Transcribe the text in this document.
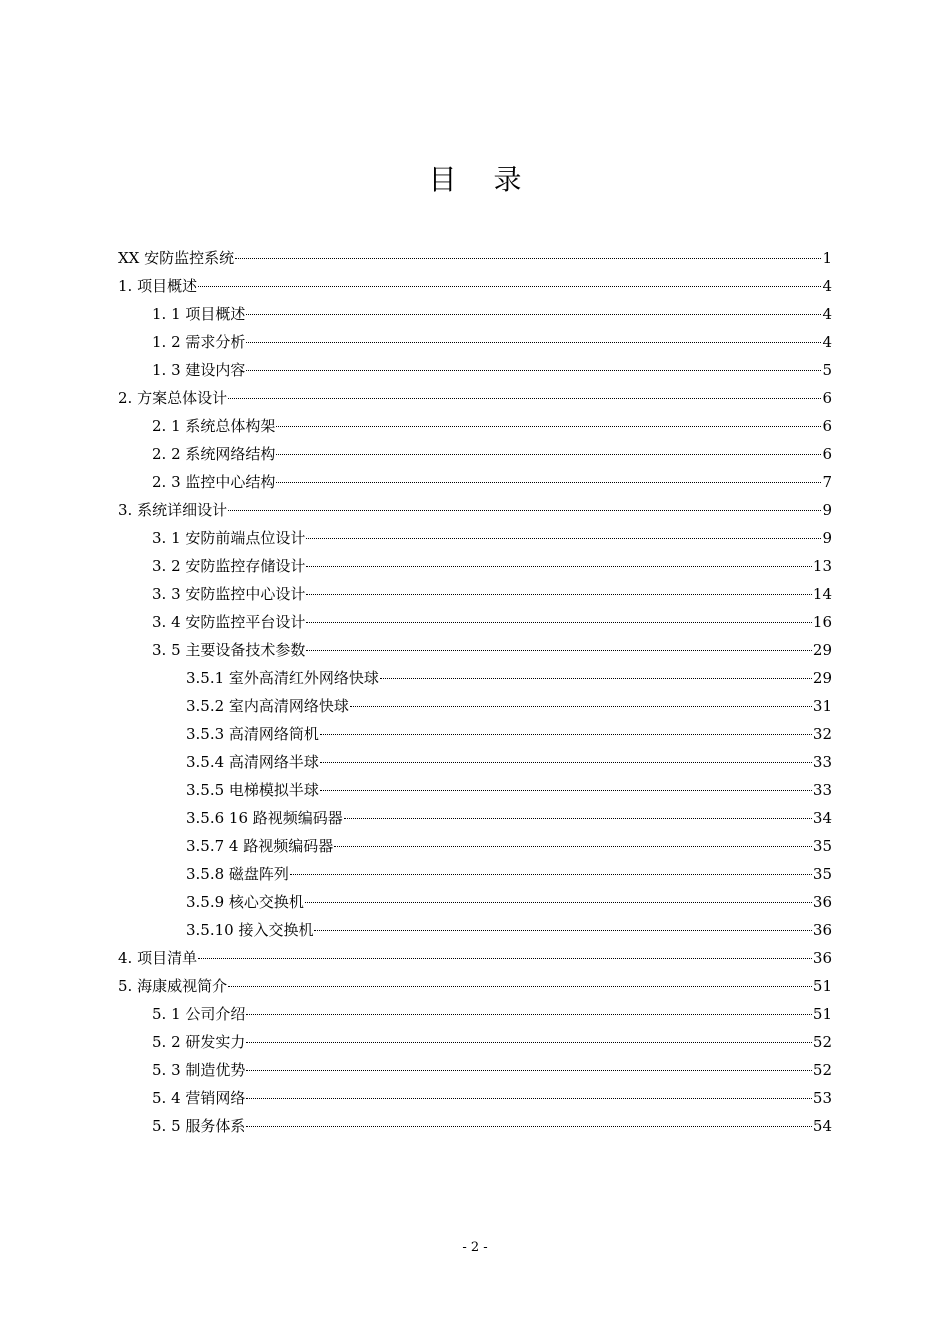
目 录
XX 安防监控系统	1
1. 项目概述	4
1. 1 项目概述	4
1. 2 需求分析	4
1. 3 建设内容	5
2. 方案总体设计	6
2. 1 系统总体构架	6
2. 2 系统网络结构	6
2. 3 监控中心结构	7
3. 系统详细设计	9
3. 1 安防前端点位设计	9
3. 2 安防监控存储设计	13
3. 3 安防监控中心设计	14
3. 4 安防监控平台设计	16
3. 5 主要设备技术参数	29
3.5.1 室外高清红外网络快球	29
3.5.2 室内高清网络快球	31
3.5.3 高清网络筒机	32
3.5.4 高清网络半球	33
3.5.5 电梯模拟半球	33
3.5.6 16 路视频编码器	34
3.5.7 4 路视频编码器	35
3.5.8 磁盘阵列	35
3.5.9 核心交换机	36
3.5.10 接入交换机	36
4. 项目清单	36
5. 海康威视简介	51
5. 1 公司介绍	51
5. 2 研发实力	52
5. 3 制造优势	52
5. 4 营销网络	53
5. 5 服务体系	54
- 2 -
